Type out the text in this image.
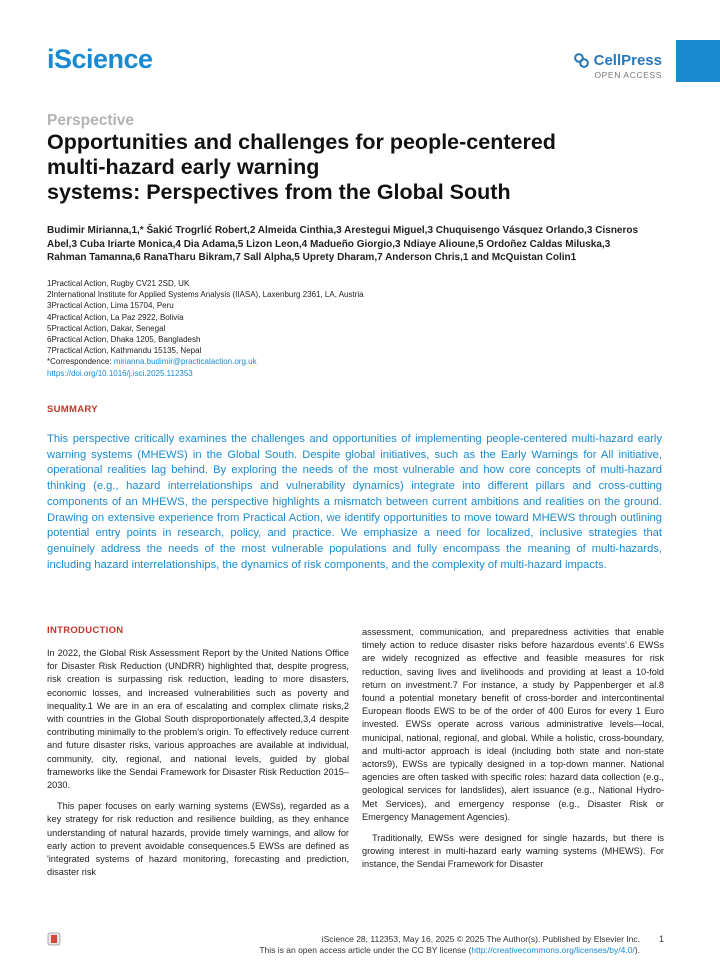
iScience	CellPress
OPEN ACCESS
Perspective
Opportunities and challenges for people-centered
multi-hazard early warning
systems: Perspectives from the Global South
Budimir Mirianna,1,* Šakić Trogrlić Robert,2 Almeida Cinthia,3 Arestegui Miguel,3 Chuquisengo Vásquez Orlando,3 Cisneros Abel,3 Cuba Iriarte Monica,4 Dia Adama,5 Lizon Leon,4 Madueño Giorgio,3 Ndiaye Alioune,5 Ordoñez Caldas Miluska,3 Rahman Tamanna,6 RanaTharu Bikram,7 Sall Alpha,5 Uprety Dharam,7 Anderson Chris,1 and McQuistan Colin1
1Practical Action, Rugby CV21 2SD, UK
2International Institute for Applied Systems Analysis (IIASA), Laxenburg 2361, LA, Austria
3Practical Action, Lima 15704, Peru
4Practical Action, La Paz 2922, Bolivia
5Practical Action, Dakar, Senegal
6Practical Action, Dhaka 1205, Bangladesh
7Practical Action, Kathmandu 15135, Nepal
*Correspondence: mirianna.budimir@practicalaction.org.uk
https://doi.org/10.1016/j.isci.2025.112353
SUMMARY

This perspective critically examines the challenges and opportunities of implementing people-centered multi-hazard early warning systems (MHEWS) in the Global South. Despite global initiatives, such as the Early Warnings for All initiative, operational realities lag behind. By exploring the needs of the most vulnerable and how core concepts of multi-hazard thinking (e.g., hazard interrelationships and vulnerability dynamics) integrate into different pillars and cross-cutting components of an MHEWS, the perspective highlights a mismatch between current ambitions and realities on the ground. Drawing on extensive experience from Practical Action, we identify opportunities to move toward MHEWS through outlining potential entry points in research, policy, and practice. We emphasize a need for localized, inclusive strategies that genuinely address the needs of the most vulnerable populations and fully encompass the meaning of multi-hazards, including hazard interrelationships, the dynamics of risk components, and the complexity of multi-hazard impacts.

INTRODUCTION

In 2022, the Global Risk Assessment Report by the United Nations Office for Disaster Risk Reduction (UNDRR) highlighted that, despite progress, risk creation is surpassing risk reduction, leading to more disasters, economic losses, and increased vulnerabilities such as poverty and inequality.1 We are in an era of escalating and complex climate risks,2 with countries in the Global South disproportionately affected,3,4 despite contributing minimally to the problem's origin. To effectively reduce current and future disaster risks, various approaches are available at individual, community, city, regional, and national levels, guided by global frameworks like the Sendai Framework for Disaster Risk Reduction 2015–2030.

This paper focuses on early warning systems (EWSs), regarded as a key strategy for risk reduction and resilience building, as they enhance understanding of natural hazards, provide timely warnings, and allow for early action to prevent avoidable consequences.5 EWSs are defined as 'integrated systems of hazard monitoring, forecasting and prediction, disaster risk

assessment, communication, and preparedness activities that enable timely action to reduce disaster risks before hazardous events'.6 EWSs are widely recognized as effective and feasible measures for risk reduction, saving lives and livelihoods and providing at least a 10-fold return on investment.7 For instance, a study by Pappenberger et al.8 found a potential monetary benefit of cross-border and intercontinental European floods EWS to be of the order of 400 Euros for every 1 Euro invested. EWSs operate across various administrative levels—local, municipal, national, regional, and global. While a holistic, cross-boundary, and multi-actor approach is ideal (including both state and non-state actors9), EWSs are typically designed in a top-down manner. National agencies are often tasked with specific roles: hazard data collection (e.g., geological services for landslides), alert issuance (e.g., National Hydro-Met Services), and emergency response (e.g., Disaster Risk or Emergency Management Agencies).

Traditionally, EWSs were designed for single hazards, but there is growing interest in multi-hazard early warning systems (MHEWS). For instance, the Sendai Framework for Disaster

iScience 28, 112353, May 16, 2025 © 2025 The Author(s). Published by Elsevier Inc.
This is an open access article under the CC BY license (http://creativecommons.org/licenses/by/4.0/).
1
